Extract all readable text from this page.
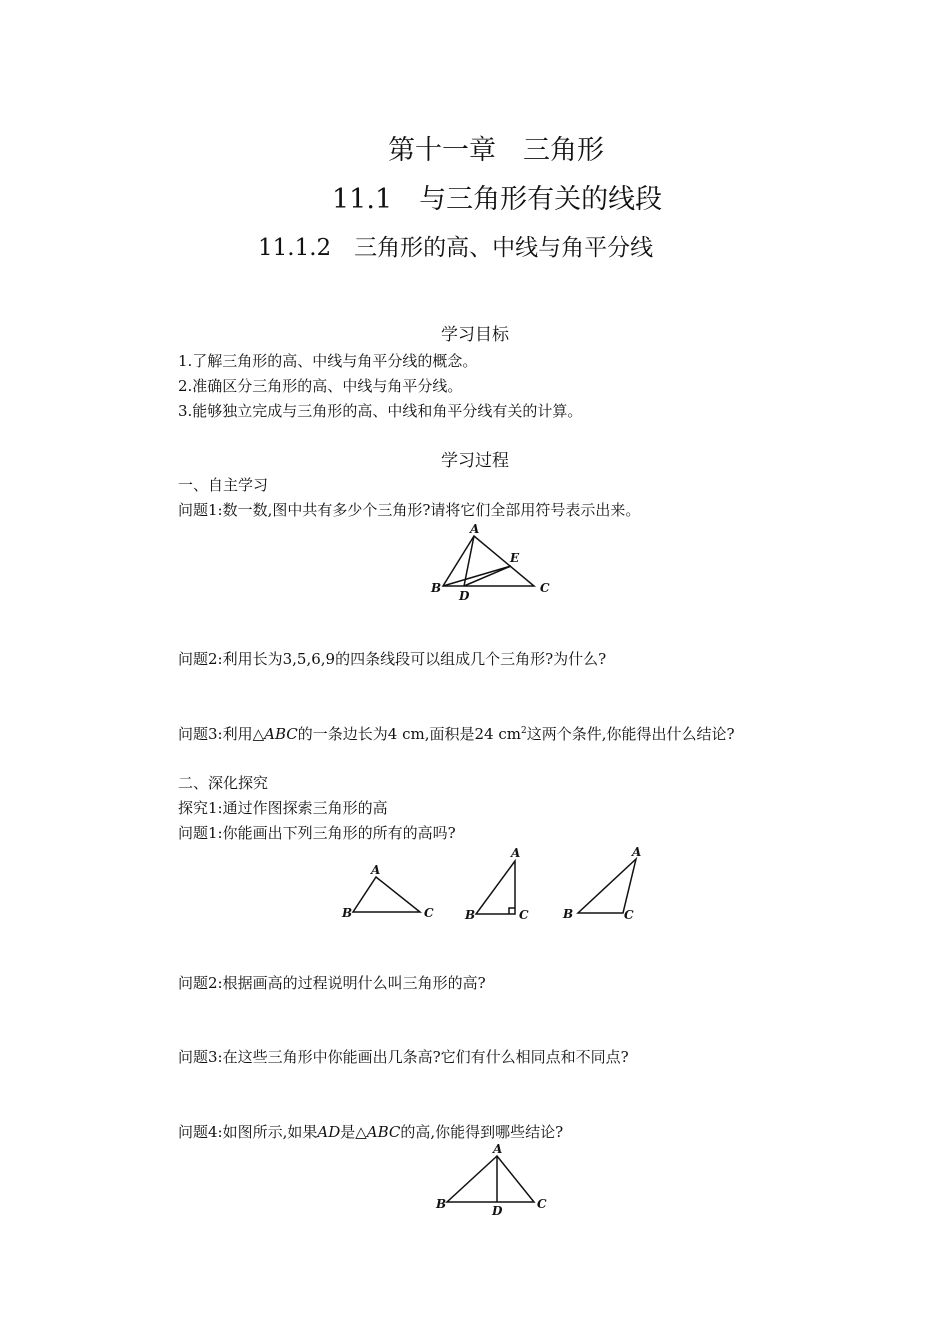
第十一章　三角形
11.1　与三角形有关的线段
11.1.2　三角形的高、中线与角平分线
学习目标
1.了解三角形的高、中线与角平分线的概念。
2.准确区分三角形的高、中线与角平分线。
3.能够独立完成与三角形的高、中线和角平分线有关的计算。
学习过程
一、自主学习
问题1:数一数,图中共有多少个三角形?请将它们全部用符号表示出来。
A
B	C
D
E
问题2:利用长为3,5,6,9的四条线段可以组成几个三角形?为什么?
问题3:利用△ABC的一条边长为4 cm,面积是24 $cm^2$这两个条件,你能得出什么结论?
二、深化探究
探究1:通过作图探索三角形的高
问题1:你能画出下列三角形的所有的高吗?
A
B	C
A
B	C
A
B	C
问题2:根据画高的过程说明什么叫三角形的高?
问题3:在这些三角形中你能画出几条高?它们有什么相同点和不同点?
问题4:如图所示,如果AD是△ABC的高,你能得到哪些结论?
A
B	C
D
